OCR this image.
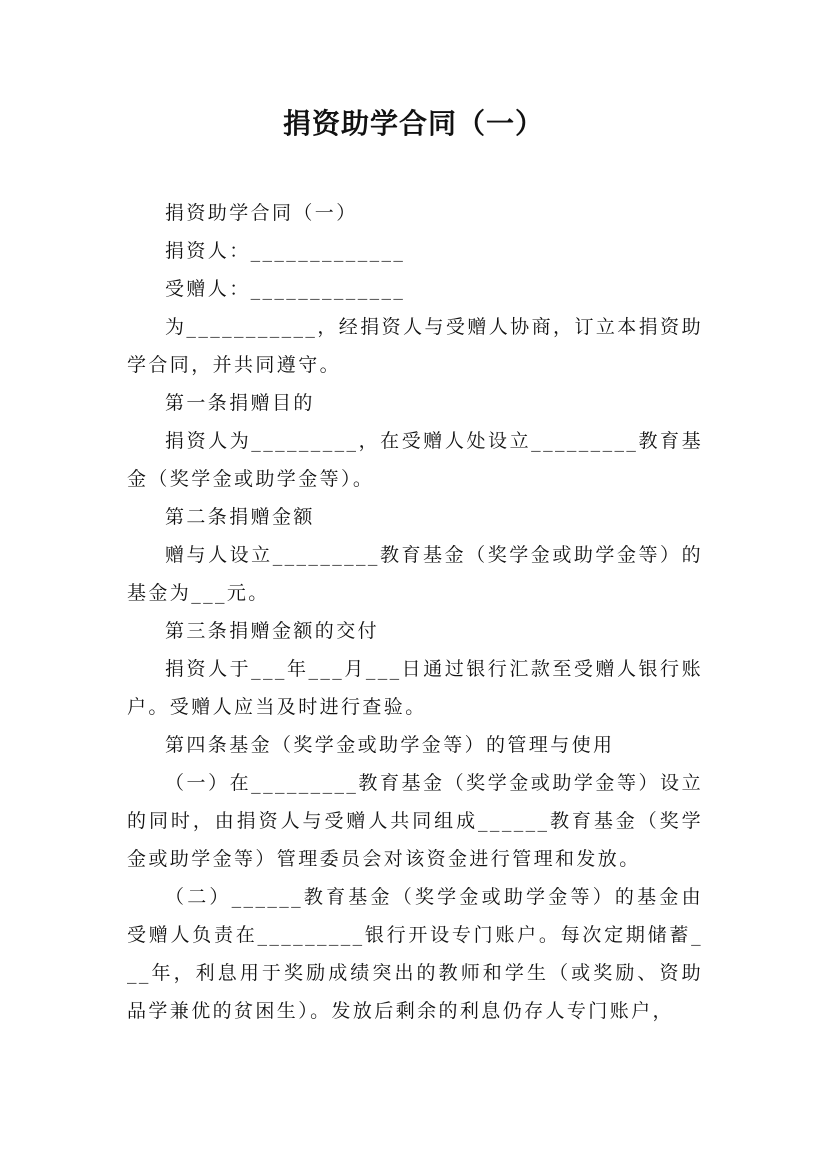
捐资助学合同（一）

捐资助学合同（一）

捐资人：_____________

受赠人：_____________

为___________，经捐资人与受赠人协商，订立本捐资助学合同，并共同遵守。

第一条捐赠目的

捐资人为_________，在受赠人处设立_________教育基金（奖学金或助学金等）。

第二条捐赠金额

赠与人设立_________教育基金（奖学金或助学金等）的基金为___元。

第三条捐赠金额的交付

捐资人于___年___月___日通过银行汇款至受赠人银行账户。受赠人应当及时进行查验。

第四条基金（奖学金或助学金等）的管理与使用

（一）在_________教育基金（奖学金或助学金等）设立的同时，由捐资人与受赠人共同组成______教育基金（奖学金或助学金等）管理委员会对该资金进行管理和发放。

（二）______教育基金（奖学金或助学金等）的基金由受赠人负责在_________银行开设专门账户。每次定期储蓄___年，利息用于奖励成绩突出的教师和学生（或奖励、资助品学兼优的贫困生）。发放后剩余的利息仍存人专门账户，
